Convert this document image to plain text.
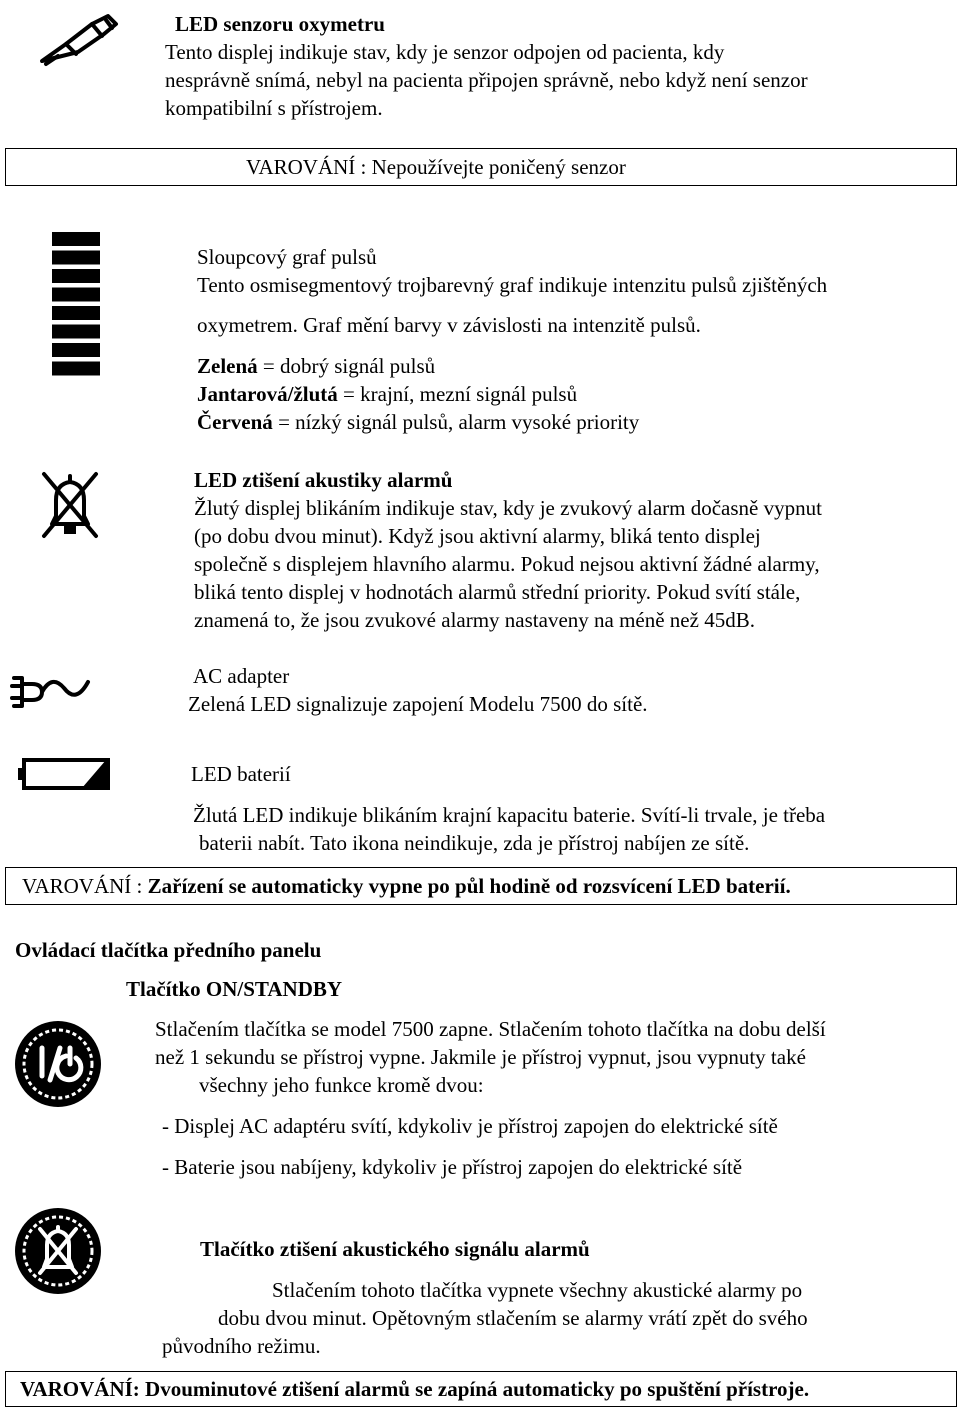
LED senzoru oxymetru
Tento displej indikuje stav, kdy je senzor odpojen od pacienta, kdy
nesprávně snímá, nebyl na pacienta připojen správně, nebo když není senzor
kompatibilní s přístrojem.
VAROVÁNÍ : Nepoužívejte poničený senzor
Sloupcový graf pulsů
Tento osmisegmentový trojbarevný graf indikuje intenzitu pulsů zjištěných
oxymetrem. Graf mění barvy v závislosti na intenzitě pulsů.
Zelená = dobrý signál pulsů
Jantarová/žlutá = krajní, mezní signál pulsů
Červená = nízký signál pulsů, alarm vysoké priority
LED ztišení akustiky alarmů
Žlutý displej blikáním indikuje stav, kdy je zvukový alarm dočasně vypnut
(po dobu dvou minut). Když jsou aktivní alarmy, bliká tento displej
společně s displejem hlavního alarmu. Pokud nejsou aktivní žádné alarmy,
bliká tento displej v hodnotách alarmů střední priority. Pokud svítí stále,
znamená to, že jsou zvukové alarmy nastaveny na méně než 45dB.
AC adapter
Zelená LED signalizuje zapojení Modelu 7500 do sítě.
LED baterií
Žlutá LED indikuje blikáním krajní kapacitu baterie. Svítí-li trvale, je třeba
baterii nabít. Tato ikona neindikuje, zda je přístroj nabíjen ze sítě.
VAROVÁNÍ : Zařízení se automaticky vypne po půl hodině od rozsvícení LED baterií.
Ovládací tlačítka předního panelu
Tlačítko ON/STANDBY
Stlačením tlačítka se model 7500 zapne. Stlačením tohoto tlačítka na dobu delší
než 1 sekundu se přístroj vypne. Jakmile je přístroj vypnut, jsou vypnuty také
všechny jeho funkce kromě dvou:
- Displej AC adaptéru svítí, kdykoliv je přístroj zapojen do elektrické sítě
- Baterie jsou nabíjeny, kdykoliv je přístroj zapojen do elektrické sítě
Tlačítko ztišení akustického signálu alarmů
Stlačením tohoto tlačítka vypnete všechny akustické alarmy po
dobu dvou minut. Opětovným stlačením se alarmy vrátí zpět do svého
původního režimu.
VAROVÁNÍ: Dvouminutové ztišení alarmů se zapíná automaticky po spuštění přístroje.
